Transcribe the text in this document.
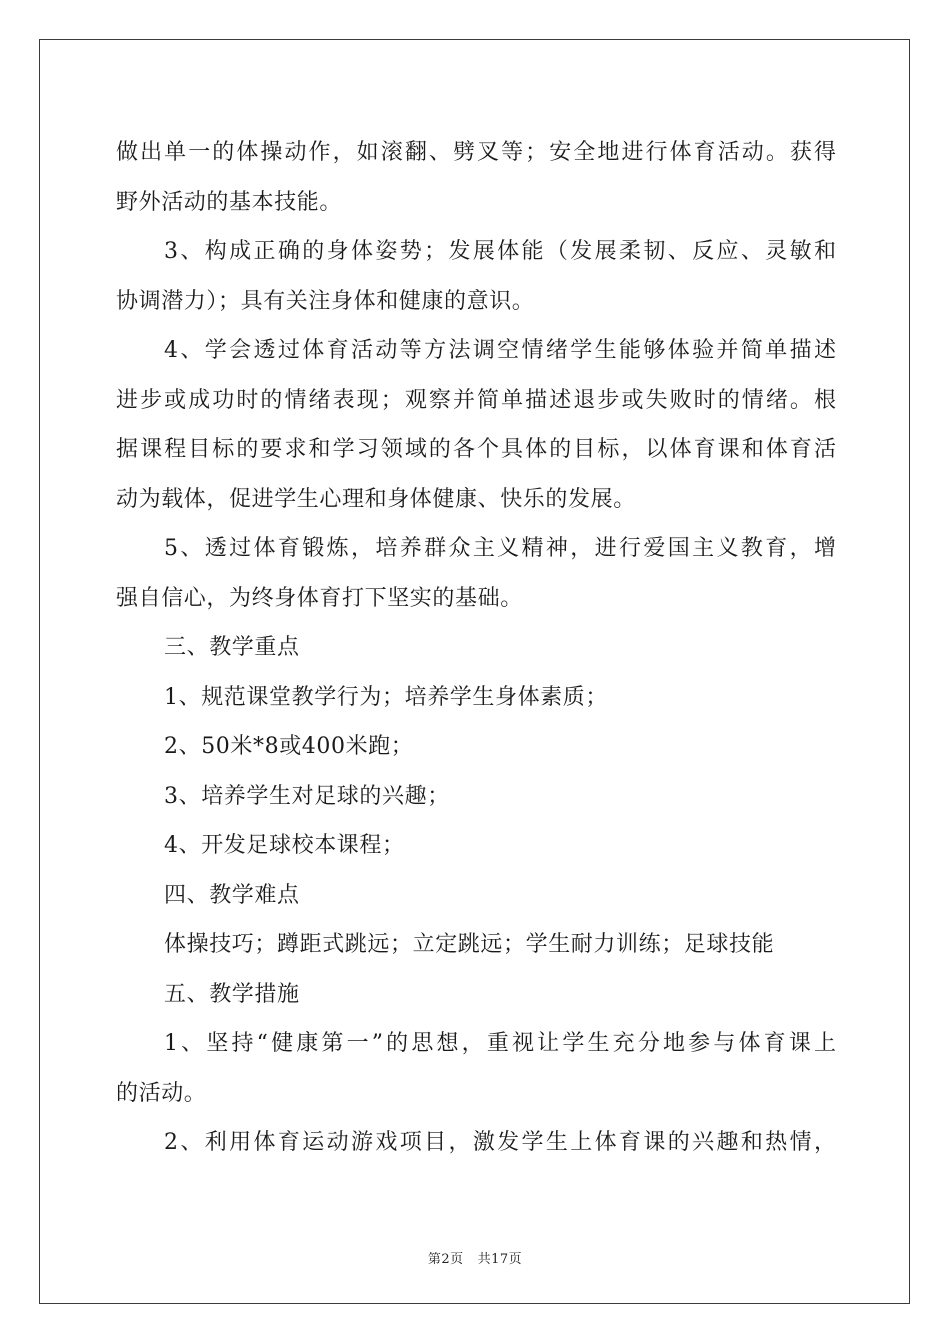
做出单一的体操动作，如滚翻、劈叉等；安全地进行体育活动。获得
野外活动的基本技能。
3、构成正确的身体姿势；发展体能（发展柔韧、反应、灵敏和
协调潜力）；具有关注身体和健康的意识。
4、学会透过体育活动等方法调空情绪学生能够体验并简单描述
进步或成功时的情绪表现；观察并简单描述退步或失败时的情绪。根
据课程目标的要求和学习领域的各个具体的目标，以体育课和体育活
动为载体，促进学生心理和身体健康、快乐的发展。
5、透过体育锻炼，培养群众主义精神，进行爱国主义教育，增
强自信心，为终身体育打下坚实的基础。
三、教学重点
1、规范课堂教学行为；培养学生身体素质；
2、50米*8或400米跑；
3、培养学生对足球的兴趣；
4、开发足球校本课程；
四、教学难点
体操技巧；蹲距式跳远；立定跳远；学生耐力训练；足球技能
五、教学措施
1、坚持“健康第一”的思想，重视让学生充分地参与体育课上
的活动。
2、利用体育运动游戏项目，激发学生上体育课的兴趣和热情，
第2页 共17页
